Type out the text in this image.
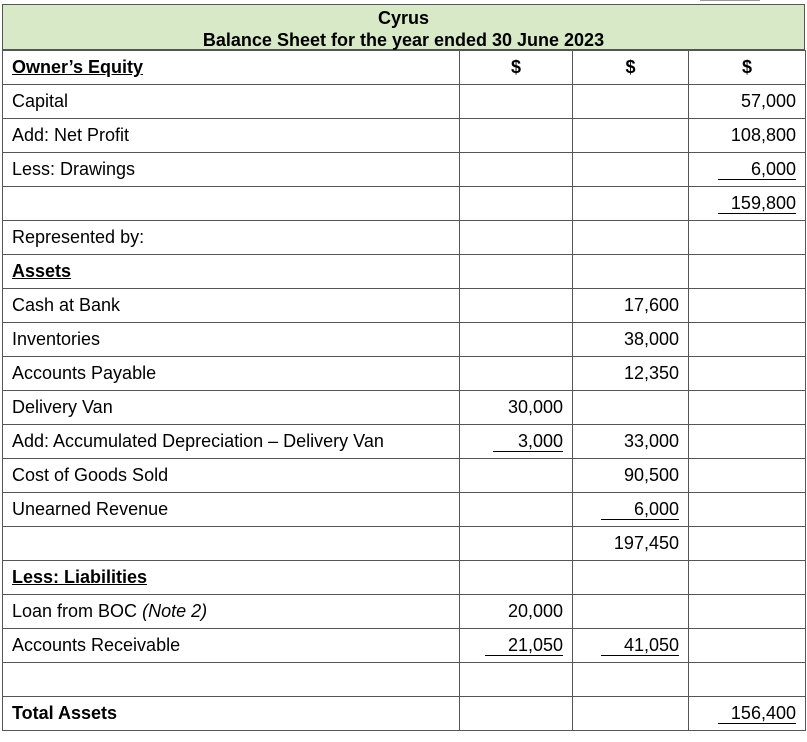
Cyrus
Balance Sheet for the year ended 30 June 2023
Owner’s Equity	$	$	$
Capital			57,000
Add: Net Profit			108,800
Less: Drawings			6,000
			159,800
Represented by:			
Assets			
Cash at Bank		17,600	
Inventories		38,000	
Accounts Payable		12,350	
Delivery Van	30,000		
Add: Accumulated Depreciation – Delivery Van	3,000	33,000	
Cost of Goods Sold		90,500	
Unearned Revenue		6,000	
		197,450	
Less: Liabilities			
Loan from BOC (Note 2)	20,000		
Accounts Receivable	21,050	41,050	

Total Assets			156,400
